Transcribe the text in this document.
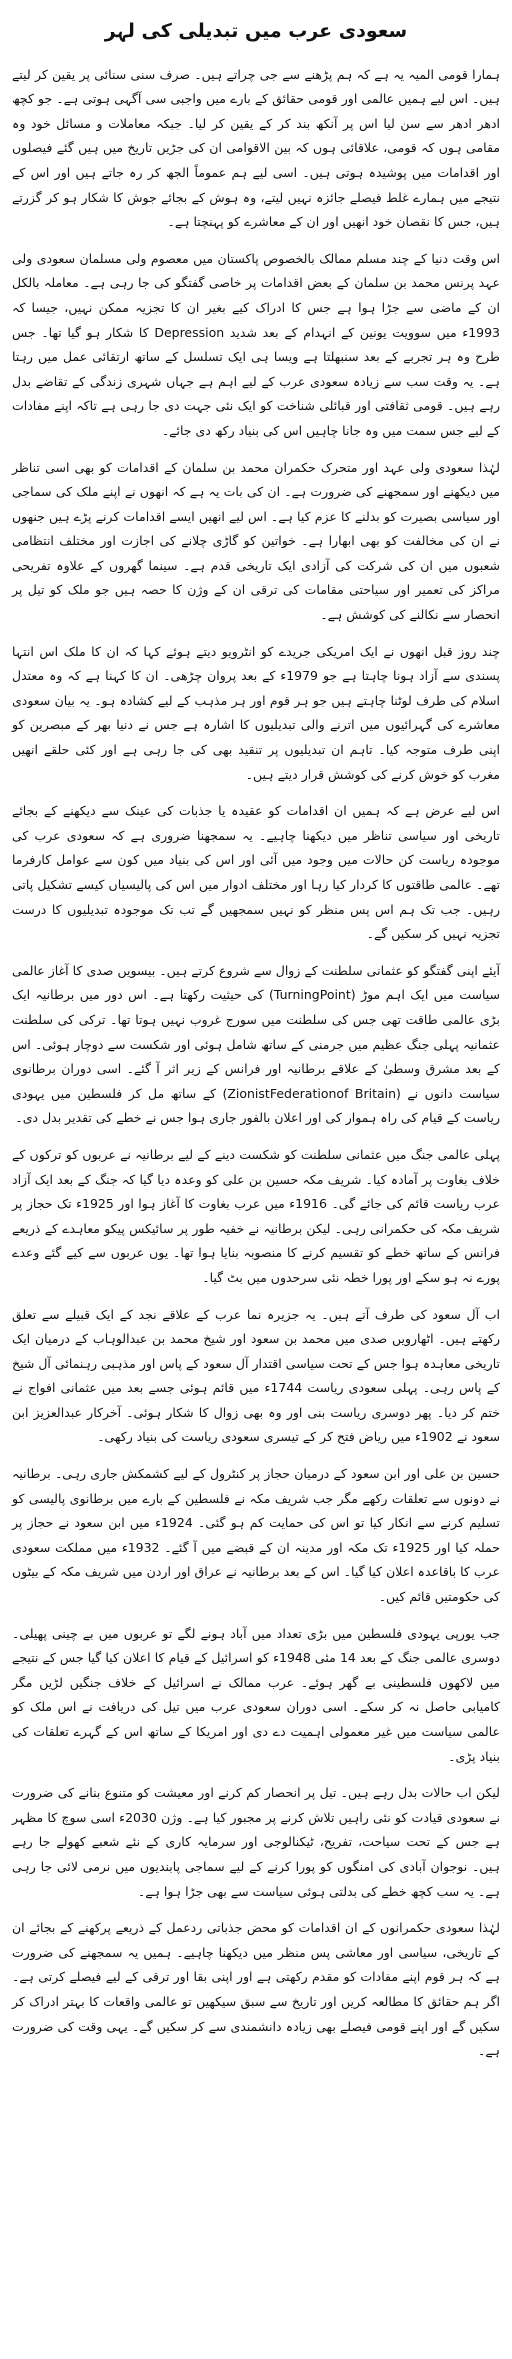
سعودی عرب میں تبدیلی کی لہر

ہمارا قومی المیہ یہ ہے کہ ہم پڑھنے سے جی چراتے ہیں۔ صرف سنی سنائی پر یقین کر لیتے ہیں۔ اس لیے ہمیں عالمی اور قومی حقائق کے بارے میں واجبی سی آگہی ہوتی ہے۔ جو کچھ ادھر ادھر سے سن لیا اس پر آنکھ بند کر کے یقین کر لیا۔ جبکہ معاملات و مسائل خود وہ مقامی ہوں کہ قومی، علاقائی ہوں کہ بین الاقوامی ان کی جڑیں تاریخ میں ہیں گئے فیصلوں اور اقدامات میں پوشیدہ ہوتی ہیں۔ اسی لیے ہم عموماً الجھ کر رہ جاتے ہیں اور اس کے نتیجے میں ہمارے غلط فیصلے جائزہ نہیں لیتے، وہ ہوش کے بجائے جوش کا شکار ہو کر گزرتے ہیں، جس کا نقصان خود انھیں اور ان کے معاشرے کو پہنچتا ہے۔

اس وقت دنیا کے چند مسلم ممالک بالخصوص پاکستان میں معصوم ولی مسلمان سعودی ولی عہد پرنس محمد بن سلمان کے بعض اقدامات پر خاصی گفتگو کی جا رہی ہے۔ معاملہ بالکل ان کے ماضی سے جڑا ہوا ہے جس کا ادراک کیے بغیر ان کا تجزیہ ممکن نہیں، جیسا کہ 1993ء میں سوویت یونین کے انہدام کے بعد شدید Depression کا شکار ہو گیا تھا۔ جس طرح وہ ہر تجربے کے بعد سنبھلتا ہے ویسا ہی ایک تسلسل کے ساتھ ارتقائی عمل میں رہتا ہے۔ یہ وقت سب سے زیادہ سعودی عرب کے لیے اہم ہے جہاں شہری زندگی کے تقاضے بدل رہے ہیں۔ قومی ثقافتی اور قبائلی شناخت کو ایک نئی جہت دی جا رہی ہے تاکہ اپنے مفادات کے لیے جس سمت میں وہ جانا چاہیں اس کی بنیاد رکھ دی جائے۔

لہٰذا سعودی ولی عہد اور متحرک حکمران محمد بن سلمان کے اقدامات کو بھی اسی تناظر میں دیکھنے اور سمجھنے کی ضرورت ہے۔ ان کی بات یہ ہے کہ انھوں نے اپنے ملک کی سماجی اور سیاسی بصیرت کو بدلنے کا عزم کیا ہے۔ اس لیے انھیں ایسے اقدامات کرنے پڑے ہیں جنھوں نے ان کی مخالفت کو بھی ابھارا ہے۔ خواتین کو گاڑی چلانے کی اجازت اور مختلف انتظامی شعبوں میں ان کی شرکت کی آزادی ایک تاریخی قدم ہے۔ سینما گھروں کے علاوہ تفریحی مراکز کی تعمیر اور سیاحتی مقامات کی ترقی ان کے وژن کا حصہ ہیں جو ملک کو تیل پر انحصار سے نکالنے کی کوشش ہے۔

چند روز قبل انھوں نے ایک امریکی جریدے کو انٹرویو دیتے ہوئے کہا کہ ان کا ملک اس انتہا پسندی سے آزاد ہونا چاہتا ہے جو 1979ء کے بعد پروان چڑھی۔ ان کا کہنا ہے کہ وہ معتدل اسلام کی طرف لوٹنا چاہتے ہیں جو ہر قوم اور ہر مذہب کے لیے کشادہ ہو۔ یہ بیان سعودی معاشرے کی گہرائیوں میں اترنے والی تبدیلیوں کا اشارہ ہے جس نے دنیا بھر کے مبصرین کو اپنی طرف متوجہ کیا۔ تاہم ان تبدیلیوں پر تنقید بھی کی جا رہی ہے اور کئی حلقے انھیں مغرب کو خوش کرنے کی کوشش قرار دیتے ہیں۔

اس لیے عرض ہے کہ ہمیں ان اقدامات کو عقیدہ یا جذبات کی عینک سے دیکھنے کے بجائے تاریخی اور سیاسی تناظر میں دیکھنا چاہیے۔ یہ سمجھنا ضروری ہے کہ سعودی عرب کی موجودہ ریاست کن حالات میں وجود میں آئی اور اس کی بنیاد میں کون سے عوامل کارفرما تھے۔ عالمی طاقتوں کا کردار کیا رہا اور مختلف ادوار میں اس کی پالیسیاں کیسے تشکیل پاتی رہیں۔ جب تک ہم اس پس منظر کو نہیں سمجھیں گے تب تک موجودہ تبدیلیوں کا درست تجزیہ نہیں کر سکیں گے۔

آیئے اپنی گفتگو کو عثمانی سلطنت کے زوال سے شروع کرتے ہیں۔ بیسویں صدی کا آغاز عالمی سیاست میں ایک اہم موڑ (TurningPoint) کی حیثیت رکھتا ہے۔ اس دور میں برطانیہ ایک بڑی عالمی طاقت تھی جس کی سلطنت میں سورج غروب نہیں ہوتا تھا۔ ترکی کی سلطنت عثمانیہ پہلی جنگ عظیم میں جرمنی کے ساتھ شامل ہوئی اور شکست سے دوچار ہوئی۔ اس کے بعد مشرق وسطیٰ کے علاقے برطانیہ اور فرانس کے زیر اثر آ گئے۔ اسی دوران برطانوی سیاست دانوں نے (ZionistFederationof Britain) کے ساتھ مل کر فلسطین میں یہودی ریاست کے قیام کی راہ ہموار کی اور اعلان بالفور جاری ہوا جس نے خطے کی تقدیر بدل دی۔

پہلی عالمی جنگ میں عثمانی سلطنت کو شکست دینے کے لیے برطانیہ نے عربوں کو ترکوں کے خلاف بغاوت پر آمادہ کیا۔ شریف مکہ حسین بن علی کو وعدہ دیا گیا کہ جنگ کے بعد ایک آزاد عرب ریاست قائم کی جائے گی۔ 1916ء میں عرب بغاوت کا آغاز ہوا اور 1925ء تک حجاز پر شریف مکہ کی حکمرانی رہی۔ لیکن برطانیہ نے خفیہ طور پر سائیکس پیکو معاہدے کے ذریعے فرانس کے ساتھ خطے کو تقسیم کرنے کا منصوبہ بنایا ہوا تھا۔ یوں عربوں سے کیے گئے وعدے پورے نہ ہو سکے اور پورا خطہ نئی سرحدوں میں بٹ گیا۔

اب آل سعود کی طرف آتے ہیں۔ یہ جزیرہ نما عرب کے علاقے نجد کے ایک قبیلے سے تعلق رکھتے ہیں۔ اٹھارویں صدی میں محمد بن سعود اور شیخ محمد بن عبدالوہاب کے درمیان ایک تاریخی معاہدہ ہوا جس کے تحت سیاسی اقتدار آل سعود کے پاس اور مذہبی رہنمائی آل شیخ کے پاس رہی۔ پہلی سعودی ریاست 1744ء میں قائم ہوئی جسے بعد میں عثمانی افواج نے ختم کر دیا۔ پھر دوسری ریاست بنی اور وہ بھی زوال کا شکار ہوئی۔ آخرکار عبدالعزیز ابن سعود نے 1902ء میں ریاض فتح کر کے تیسری سعودی ریاست کی بنیاد رکھی۔

حسین بن علی اور ابن سعود کے درمیان حجاز پر کنٹرول کے لیے کشمکش جاری رہی۔ برطانیہ نے دونوں سے تعلقات رکھے مگر جب شریف مکہ نے فلسطین کے بارے میں برطانوی پالیسی کو تسلیم کرنے سے انکار کیا تو اس کی حمایت کم ہو گئی۔ 1924ء میں ابن سعود نے حجاز پر حملہ کیا اور 1925ء تک مکہ اور مدینہ ان کے قبضے میں آ گئے۔ 1932ء میں مملکت سعودی عرب کا باقاعدہ اعلان کیا گیا۔ اس کے بعد برطانیہ نے عراق اور اردن میں شریف مکہ کے بیٹوں کی حکومتیں قائم کیں۔

جب یورپی یہودی فلسطین میں بڑی تعداد میں آباد ہونے لگے تو عربوں میں بے چینی پھیلی۔ دوسری عالمی جنگ کے بعد 14 مئی 1948ء کو اسرائیل کے قیام کا اعلان کیا گیا جس کے نتیجے میں لاکھوں فلسطینی بے گھر ہوئے۔ عرب ممالک نے اسرائیل کے خلاف جنگیں لڑیں مگر کامیابی حاصل نہ کر سکے۔ اسی دوران سعودی عرب میں تیل کی دریافت نے اس ملک کو عالمی سیاست میں غیر معمولی اہمیت دے دی اور امریکا کے ساتھ اس کے گہرے تعلقات کی بنیاد پڑی۔

لیکن اب حالات بدل رہے ہیں۔ تیل پر انحصار کم کرنے اور معیشت کو متنوع بنانے کی ضرورت نے سعودی قیادت کو نئی راہیں تلاش کرنے پر مجبور کیا ہے۔ وژن 2030ء اسی سوچ کا مظہر ہے جس کے تحت سیاحت، تفریح، ٹیکنالوجی اور سرمایہ کاری کے نئے شعبے کھولے جا رہے ہیں۔ نوجوان آبادی کی امنگوں کو پورا کرنے کے لیے سماجی پابندیوں میں نرمی لائی جا رہی ہے۔ یہ سب کچھ خطے کی بدلتی ہوئی سیاست سے بھی جڑا ہوا ہے۔

لہٰذا سعودی حکمرانوں کے ان اقدامات کو محض جذباتی ردعمل کے ذریعے پرکھنے کے بجائے ان کے تاریخی، سیاسی اور معاشی پس منظر میں دیکھنا چاہیے۔ ہمیں یہ سمجھنے کی ضرورت ہے کہ ہر قوم اپنے مفادات کو مقدم رکھتی ہے اور اپنی بقا اور ترقی کے لیے فیصلے کرتی ہے۔ اگر ہم حقائق کا مطالعہ کریں اور تاریخ سے سبق سیکھیں تو عالمی واقعات کا بہتر ادراک کر سکیں گے اور اپنے قومی فیصلے بھی زیادہ دانشمندی سے کر سکیں گے۔ یہی وقت کی ضرورت ہے۔
